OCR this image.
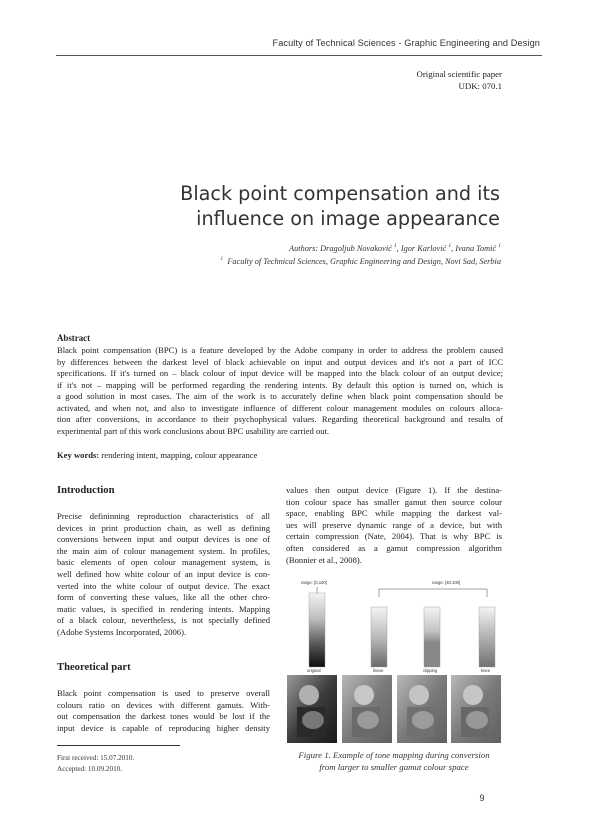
Faculty of Technical Sciences - Graphic Engineering and Design
Original scientific paper
UDK: 070.1
Black point compensation and its
influence on image appearance
Authors: Dragoljub Novaković $^1$, Igor Karlović $^1$, Ivana Tomić $^1$
$^1$ Faculty of Technical Sciences, Graphic Engineering and Design, Novi Sad, Serbia
Abstract
Black point compensation (BPC) is a feature developed by the Adobe company in order to address the problem caused
by differences between the darkest level of black achievable on input and output devices and it's not a part of ICC
specifications. If it's turned on – black colour of input device will be mapped into the black colour of an output device;
if it's not – mapping will be performed regarding the rendering intents. By default this option is turned on, which is
a good solution in most cases. The aim of the work is to accurately define when black point compensation should be
activated, and when not, and also to investigate influence of different colour management modules on colours alloca-
tion after conversions, in accordance to their psychophysical values. Regarding theoretical background and results of
experimental part of this work conclusions about BPC usability are carried out.
Key words: rendering intent, mapping, colour appearance
Introduction
Precise defininning reproduction characteristics of all
devices in print production chain, as well as defining
conversions between input and output devices is one of
the main aim of colour management system. In profiles,
basic elements of open colour management system, is
well defined how white colour of an input device is con-
verted into the white colour of output device. The exact
form of converting these values, like all the other chro-
matic values, is specified in rendering intents. Mapping
of a black colour, nevertheless, is not specially defined
(Adobe Systems Incorporated, 2006).
Theoretical part
Black point compensation is used to preserve overall
colours ratio on devices with different gamuts. With-
out compensation the darkest tones would be lost if the
input device is capable of reproducing higher density
values then output device (Figure 1). If the destina-
tion colour space has smaller gamut then source colour
space, enabling BPC while mapping the darkest val-
ues will preserve dynamic range of a device, but with
certain compression (Nate, 2004). That is why BPC is
often considered as a gamut compression algorithm
(Bonnier et al., 2008).
range: [0,100]	range: [40,100]
original	linear	clipping	knee
Figure 1. Example of tone mapping during conversion
from larger to smaller gamut colour space
First received: 15.07.2010.
Accepted: 10.09.2010.
9
